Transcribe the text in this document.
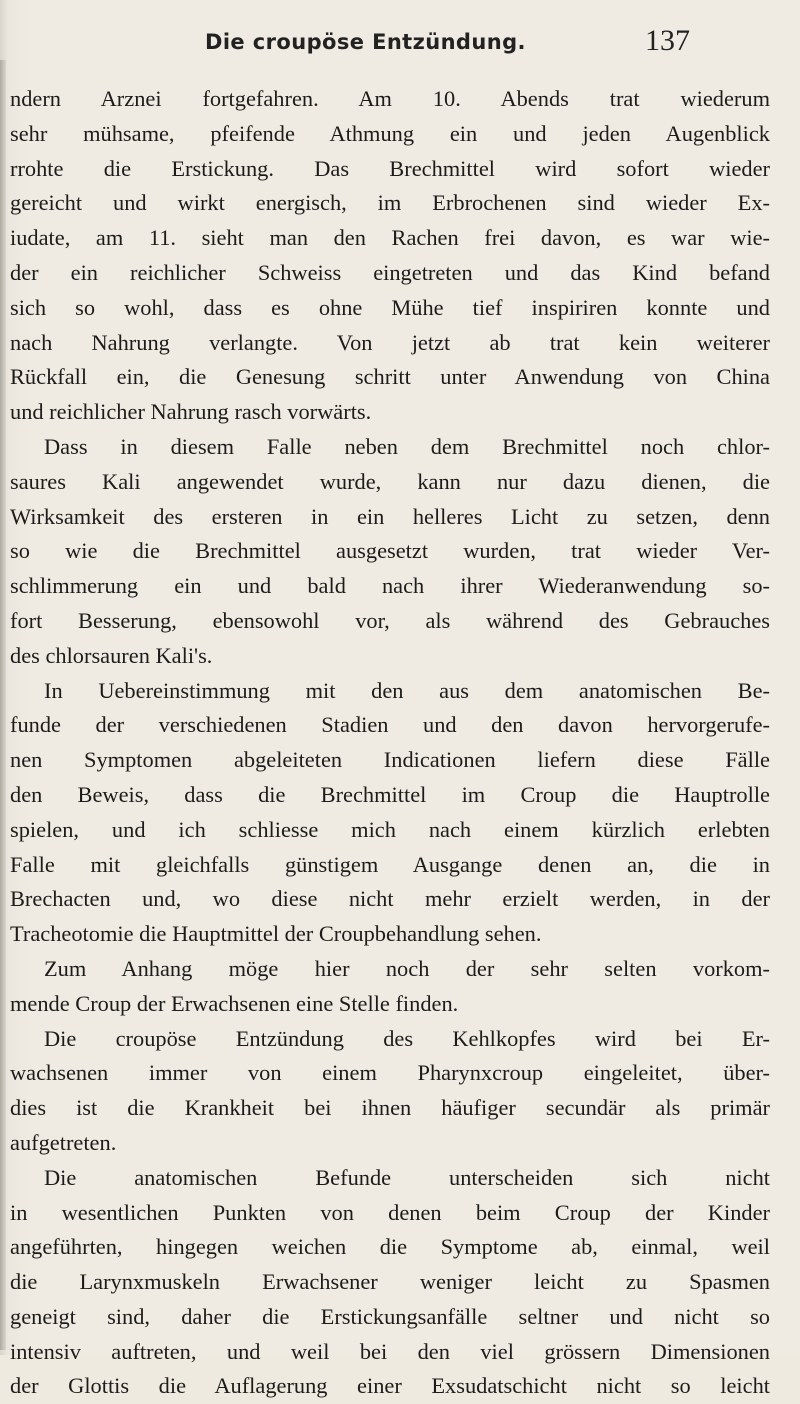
Die croupöse Entzündung.	137
ndern Arznei fortgefahren. Am 10. Abends trat wiederum
sehr mühsame, pfeifende Athmung ein und jeden Augenblick
rrohte die Erstickung. Das Brechmittel wird sofort wieder
gereicht und wirkt energisch, im Erbrochenen sind wieder Ex-
iudate, am 11. sieht man den Rachen frei davon, es war wie-
der ein reichlicher Schweiss eingetreten und das Kind befand
sich so wohl, dass es ohne Mühe tief inspiriren konnte und
nach Nahrung verlangte. Von jetzt ab trat kein weiterer
Rückfall ein, die Genesung schritt unter Anwendung von China
und reichlicher Nahrung rasch vorwärts.
Dass in diesem Falle neben dem Brechmittel noch chlor-
saures Kali angewendet wurde, kann nur dazu dienen, die
Wirksamkeit des ersteren in ein helleres Licht zu setzen, denn
so wie die Brechmittel ausgesetzt wurden, trat wieder Ver-
schlimmerung ein und bald nach ihrer Wiederanwendung so-
fort Besserung, ebensowohl vor, als während des Gebrauches
des chlorsauren Kali's.
In Uebereinstimmung mit den aus dem anatomischen Be-
funde der verschiedenen Stadien und den davon hervorgerufe-
nen Symptomen abgeleiteten Indicationen liefern diese Fälle
den Beweis, dass die Brechmittel im Croup die Hauptrolle
spielen, und ich schliesse mich nach einem kürzlich erlebten
Falle mit gleichfalls günstigem Ausgange denen an, die in
Brechacten und, wo diese nicht mehr erzielt werden, in der
Tracheotomie die Hauptmittel der Croupbehandlung sehen.
Zum Anhang möge hier noch der sehr selten vorkom-
mende Croup der Erwachsenen eine Stelle finden.
Die croupöse Entzündung des Kehlkopfes wird bei Er-
wachsenen immer von einem Pharynxcroup eingeleitet, über-
dies ist die Krankheit bei ihnen häufiger secundär als primär
aufgetreten.
Die anatomischen Befunde unterscheiden sich nicht
in wesentlichen Punkten von denen beim Croup der Kinder
angeführten, hingegen weichen die Symptome ab, einmal, weil
die Larynxmuskeln Erwachsener weniger leicht zu Spasmen
geneigt sind, daher die Erstickungsanfälle seltner und nicht so
intensiv auftreten, und weil bei den viel grössern Dimensionen
der Glottis die Auflagerung einer Exsudatschicht nicht so leicht
